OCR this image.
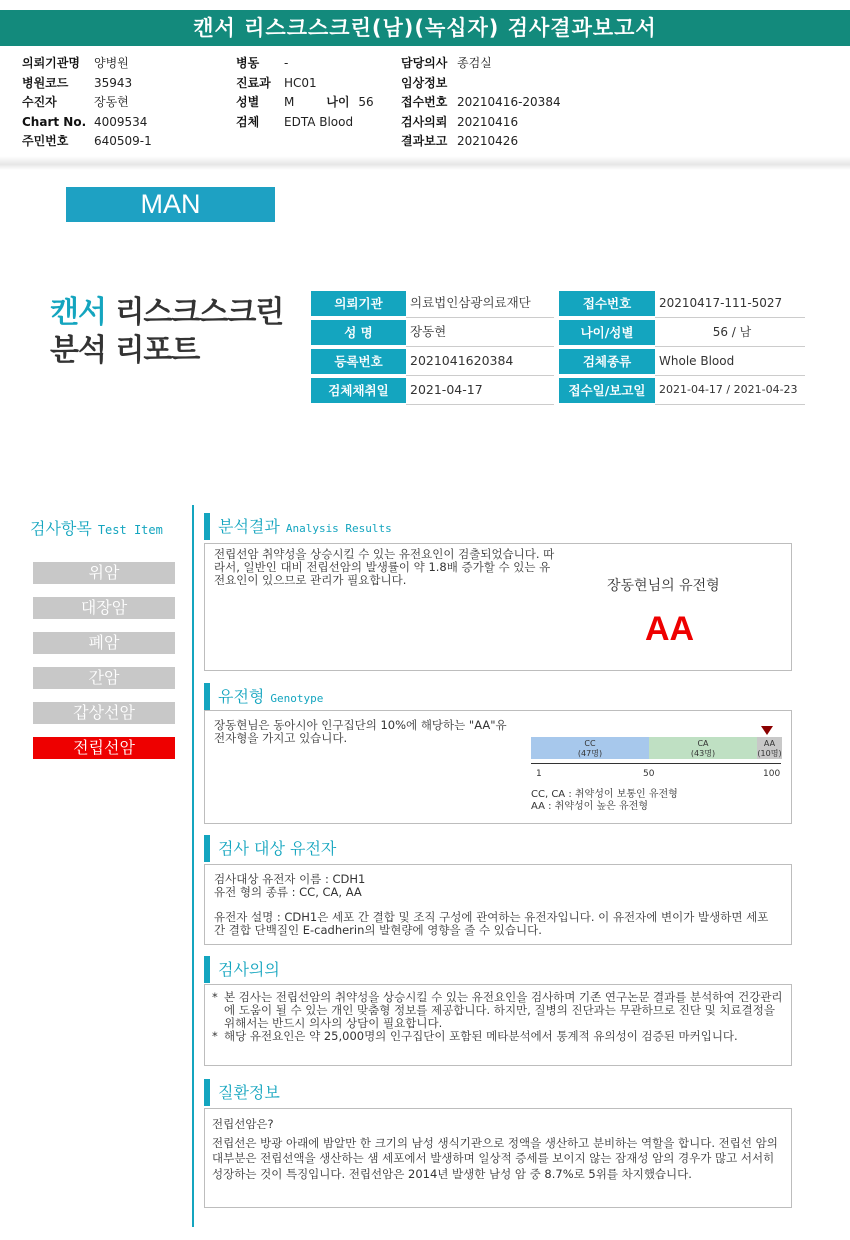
캔서 리스크스크린(남)(녹십자) 검사결과보고서
의뢰기관명	양병원
병원코드	35943
수진자	장동현
Chart No. 4009534
주민번호	640509-1
병동	-
진료과	HC01
성별	M	나이 56
검체	EDTA Blood
담당의사 종검실
임상정보
접수번호 20210416-20384
검사의뢰 20210416
결과보고 20210426
MAN
캔서 리스크스크린
분석 리포트
의뢰기관	의료법인삼광의료재단
성 명	장동현
등록번호	2021041620384
검체채취일	2021-04-17
접수번호	20210417-111-5027
나이/성별	56 / 남
검체종류	Whole Blood
접수일/보고일	2021-04-17 / 2021-04-23
검사항목 Test Item
위암
대장암
폐암
간암
갑상선암
전립선암
분석결과 Analysis Results
전립선암 취약성을 상승시킬 수 있는 유전요인이 검출되었습니다. 따라서, 일반인 대비 전립선암의 발생률이 약 1.8배 증가할 수 있는 유전요인이 있으므로 관리가 필요합니다.	장동현님의 유전형
AA
유전형 Genotype
장동현님은 동아시아 인구집단의 10%에 해당하는 "AA"유전자형을 가지고 있습니다.	CC
(47명)
CA
(43명)
AA
(10명)
1	50	100
CC, CA : 취약성이 보통인 유전형
AA : 취약성이 높은 유전형
검사 대상 유전자
검사대상 유전자 이름 : CDH1
유전 형의 종류 : CC, CA, AA
유전자 설명 : CDH1은 세포 간 결합 및 조직 구성에 관여하는 유전자입니다. 이 유전자에 변이가 발생하면 세포 간 결합 단백질인 E-cadherin의 발현량에 영향을 줄 수 있습니다.
검사의의
* 본 검사는 전립선암의 취약성을 상승시킬 수 있는 유전요인을 검사하며 기존 연구논문 결과를 분석하여 건강관리에 도움이 될 수 있는 개인 맞춤형 정보를 제공합니다. 하지만, 질병의 진단과는 무관하므로 진단 및 치료결정을 위해서는 반드시 의사의 상담이 필요합니다.
* 해당 유전요인은 약 25,000명의 인구집단이 포함된 메타분석에서 통계적 유의성이 검증된 마커입니다.
질환정보
전립선암은?
전립선은 방광 아래에 밤알만 한 크기의 남성 생식기관으로 정액을 생산하고 분비하는 역할을 합니다. 전립선 암의 대부분은 전립선액을 생산하는 샘 세포에서 발생하며 일상적 증세를 보이지 않는 잠재성 암의 경우가 많고 서서히 성장하는 것이 특징입니다. 전립선암은 2014년 발생한 남성 암 중 8.7%로 5위를 차지했습니다.
